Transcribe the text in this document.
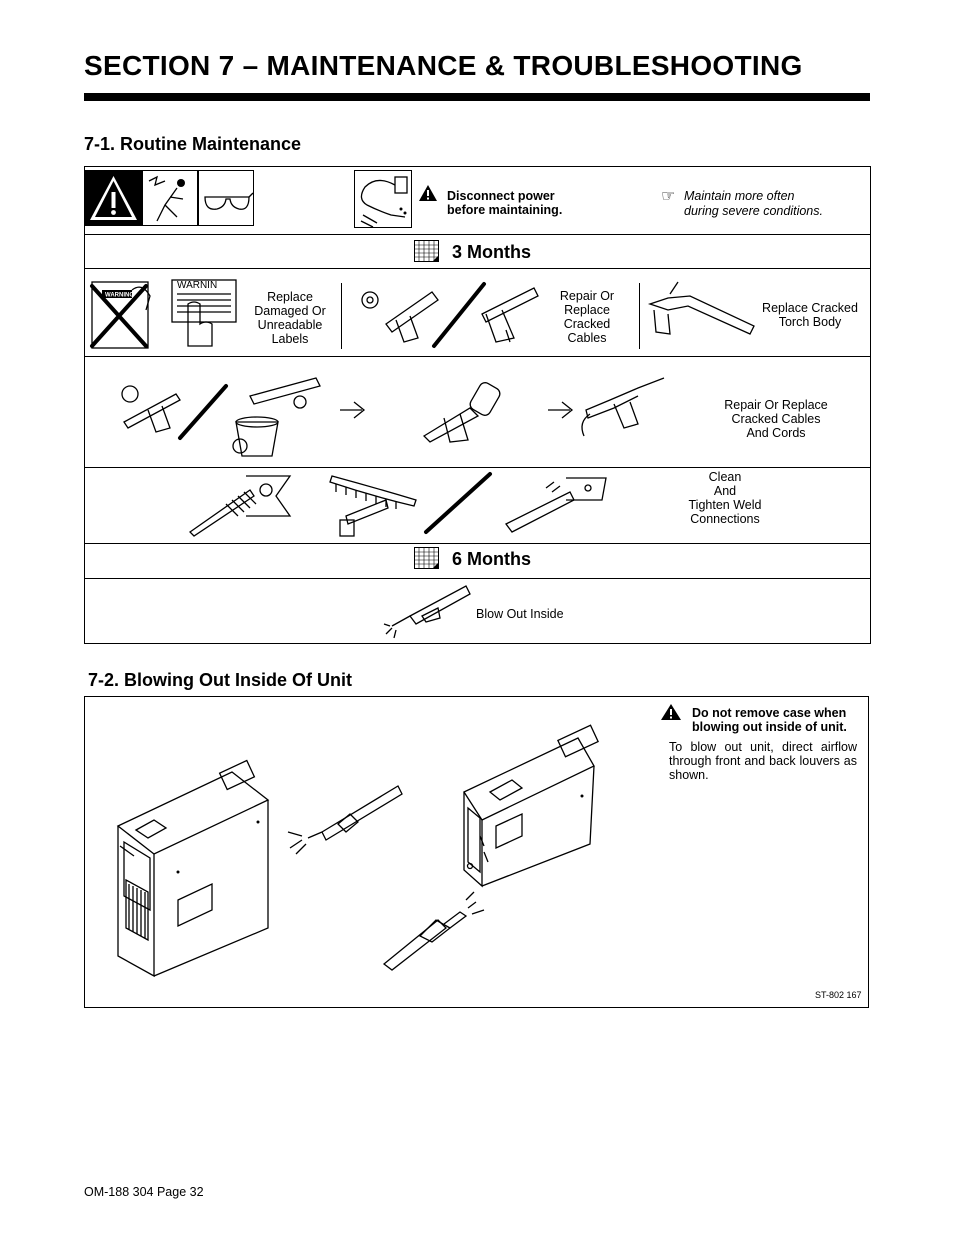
SECTION 7 – MAINTENANCE & TROUBLESHOOTING
7-1. Routine Maintenance
Disconnect power
before maintaining.
☞ Maintain more often
during severe conditions.
3 Months
WARNING
WARNIN
Replace
Damaged Or
Unreadable
Labels
Repair Or
Replace
Cracked
Cables
Replace Cracked
Torch Body
Repair Or Replace
Cracked Cables
And Cords
Clean
And
Tighten Weld
Connections
6 Months
Blow Out Inside
7-2. Blowing Out Inside Of Unit
Do not remove case when
blowing out inside of unit.
To blow out unit, direct airflow through front and back louvers as shown.
ST-802 167
OM-188 304 Page 32
